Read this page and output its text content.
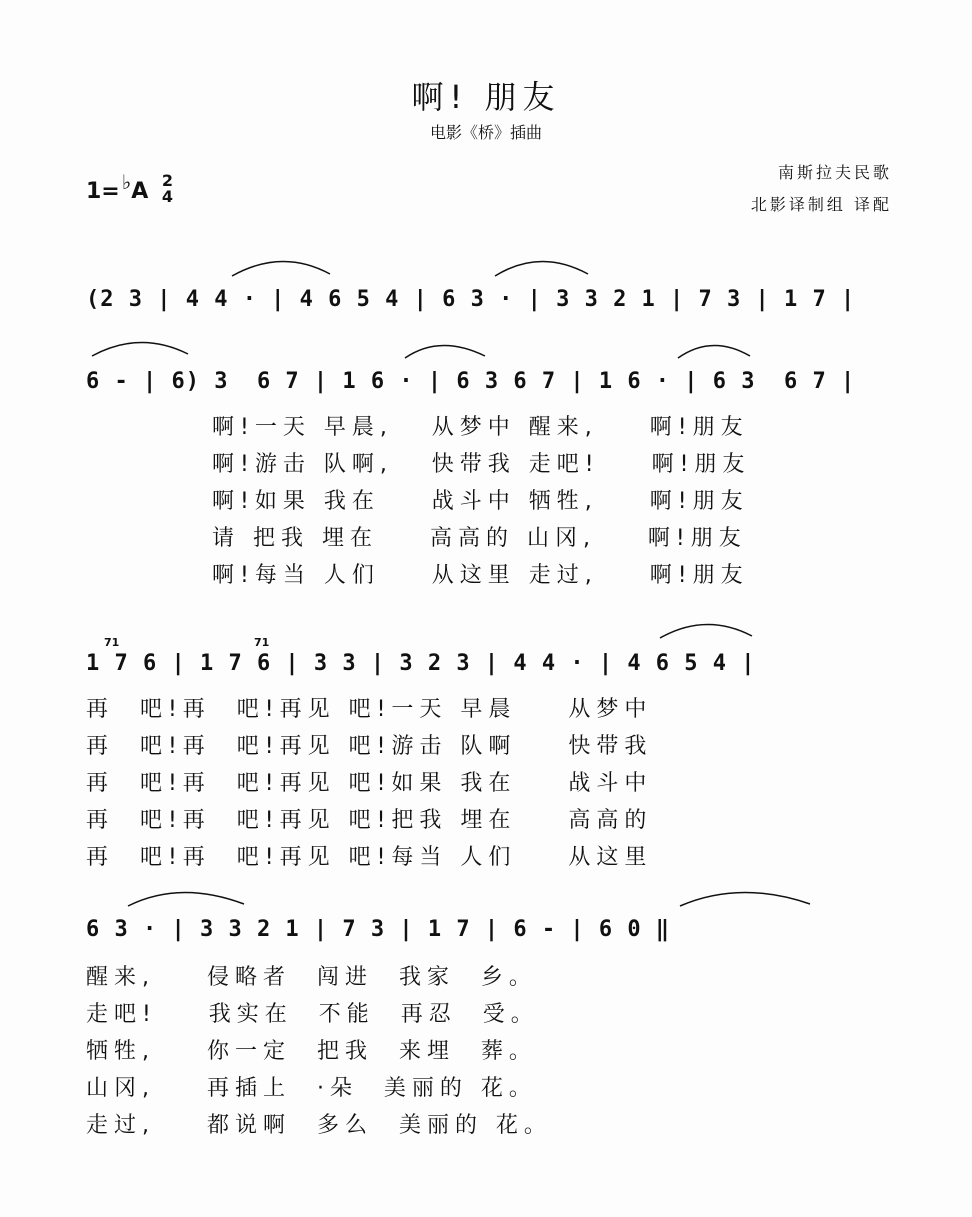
啊! 朋友
电影《桥》插曲
南斯拉夫民歌
北影译制组 译配
1= ♭A 2
4
(2 3 | 4 4 · | 4 6 5 4 | 6 3 · | 3 3 2 1 | 7 3 | 1 7 |
6 - | 6) 3  6 7 | 1 6 · | 6 3 6 7 | 1 6 · | 6 3  6 7 |
啊!一天 早晨,   从梦中 醒来,    啊!朋友
啊!游击 队啊,   快带我 走吧!    啊!朋友
啊!如果 我在    战斗中 牺牲,    啊!朋友
请 把我 埋在    高高的 山冈,    啊!朋友
啊!每当 人们    从这里 走过,    啊!朋友
1 7 6 | 1 7 6 | 3 3 | 3 2 3 | 4 4 · | 4 6 5 4 |
71	71
再  吧!再  吧!再见 吧!一天 早晨    从梦中
再  吧!再  吧!再见 吧!游击 队啊    快带我
再  吧!再  吧!再见 吧!如果 我在    战斗中
再  吧!再  吧!再见 吧!把我 埋在    高高的
再  吧!再  吧!再见 吧!每当 人们    从这里
6 3 · | 3 3 2 1 | 7 3 | 1 7 | 6 - | 6 0 ‖
醒来,    侵略者  闯进  我家  乡。
走吧!    我实在  不能  再忍  受。
牺牲,    你一定  把我  来埋  葬。
山冈,    再插上  ·朵  美丽的 花。
走过,    都说啊  多么  美丽的 花。
